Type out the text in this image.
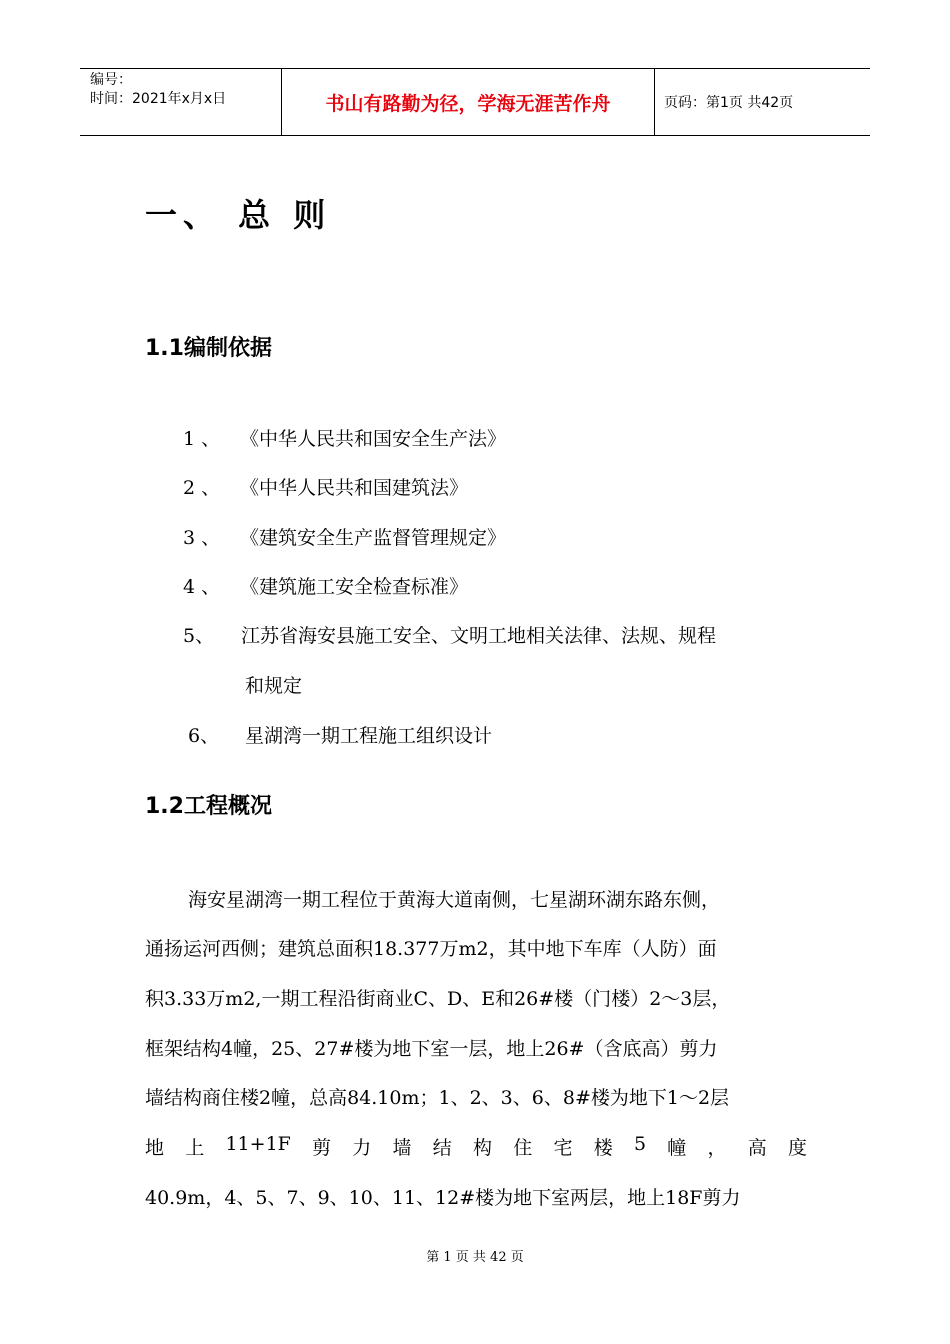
编号：
时间：2021年x月x日	书山有路勤为径，学海无涯苦作舟	页码：第1页 共42页
一、 总 则
1.1编制依据
1 、 《中华人民共和国安全生产法》
2 、 《中华人民共和国建筑法》
3 、 《建筑安全生产监督管理规定》
4 、 《建筑施工安全检查标准》
5、 江苏省海安县施工安全、文明工地相关法律、法规、规程
和规定
6、 星湖湾一期工程施工组织设计
1.2工程概况
海安星湖湾一期工程位于黄海大道南侧，七星湖环湖东路东侧，
通扬运河西侧；建筑总面积18.377万m2，其中地下车库（人防）面
积3.33万m2,一期工程沿街商业C、D、E和26#楼（门楼）2～3层，
框架结构4幢，25、27#楼为地下室一层，地上26#（含底高）剪力
墙结构商住楼2幢，总高84.10m；1、2、3、6、8#楼为地下1～2层
地 上 11+1F 剪 力 墙 结 构 住 宅 楼 5 幢 ， 高 度
40.9m，4、5、7、9、10、11、12#楼为地下室两层，地上18F剪力
第 1 页 共 42 页
